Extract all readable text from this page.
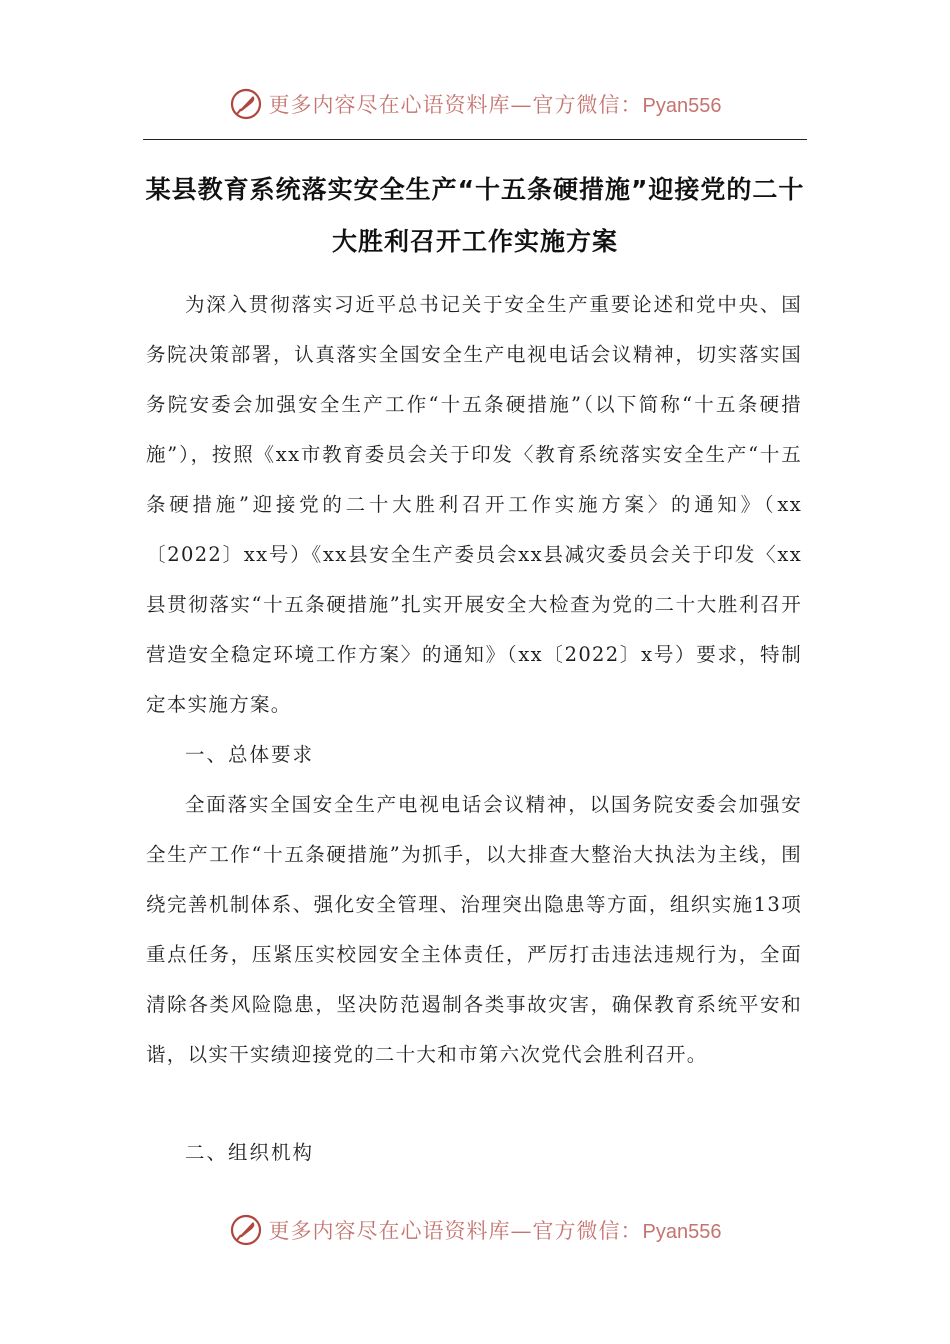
更多内容尽在心语资料库—官方微信：Pyan556
某县教育系统落实安全生产“十五条硬措施”迎接党的二十大胜利召开工作实施方案

为深入贯彻落实习近平总书记关于安全生产重要论述和党中央、国务院决策部署，认真落实全国安全生产电视电话会议精神，切实落实国务院安委会加强安全生产工作“十五条硬措施”（以下简称“十五条硬措施”），按照《xx市教育委员会关于印发〈教育系统落实安全生产“十五条硬措施”迎接党的二十大胜利召开工作实施方案〉的通知》（xx〔2022〕xx号）《xx县安全生产委员会xx县减灾委员会关于印发〈xx县贯彻落实“十五条硬措施”扎实开展安全大检查为党的二十大胜利召开营造安全稳定环境工作方案〉的通知》（xx〔2022〕x号）要求，特制定本实施方案。

一、总体要求

全面落实全国安全生产电视电话会议精神，以国务院安委会加强安全生产工作“十五条硬措施”为抓手，以大排查大整治大执法为主线，围绕完善机制体系、强化安全管理、治理突出隐患等方面，组织实施13项重点任务，压紧压实校园安全主体责任，严厉打击违法违规行为，全面清除各类风险隐患，坚决防范遏制各类事故灾害，确保教育系统平安和谐，以实干实绩迎接党的二十大和市第六次党代会胜利召开。

二、组织机构

更多内容尽在心语资料库—官方微信：Pyan556
